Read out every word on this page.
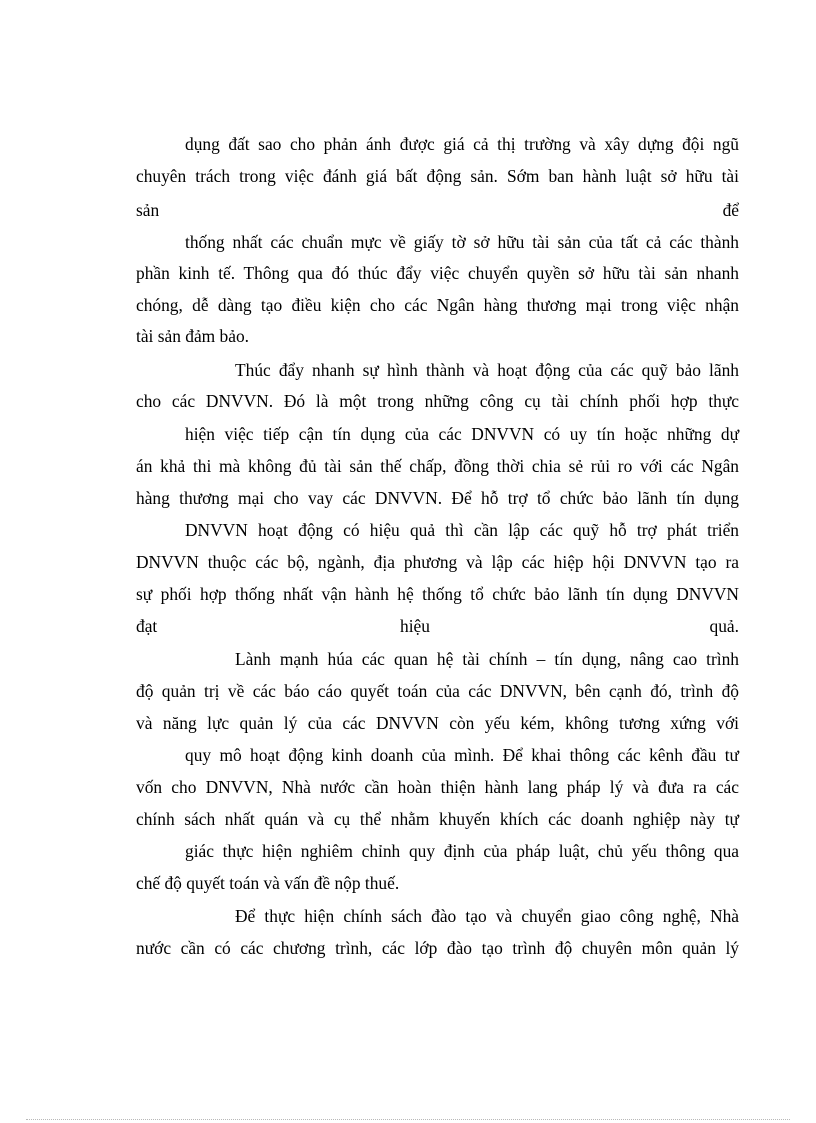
dụng đất sao cho phản ánh được giá cả thị trường và xây dựng đội ngũ
chuyên trách trong việc đánh giá bất động sản. Sớm ban hành luật sở hữu tài
sản	để
thống nhất các chuẩn mực về giấy tờ sở hữu tài sản của tất cả các thành
phần kinh tế. Thông qua đó thúc đẩy việc chuyển quyền sở hữu tài sản nhanh
chóng, dễ dàng tạo điều kiện cho các Ngân hàng thương mại trong việc nhận
tài sản đảm bảo.
Thúc đẩy nhanh sự hình thành và hoạt động của các quỹ bảo lãnh
cho các DNVVN. Đó là một trong những công cụ tài chính phối hợp thực
hiện việc tiếp cận tín dụng của các DNVVN có uy tín hoặc những dự
án khả thi mà không đủ tài sản thế chấp, đồng thời chia sẻ rủi ro với các Ngân
hàng thương mại cho vay các DNVVN. Để hỗ trợ tổ chức bảo lãnh tín dụng
DNVVN hoạt động có hiệu quả thì cần lập các quỹ hỗ trợ phát triển
DNVVN thuộc các bộ, ngành, địa phương và lập các hiệp hội DNVVN tạo ra
sự phối hợp thống nhất vận hành hệ thống tổ chức bảo lãnh tín dụng DNVVN
đạt	hiệu	quả.
Lành mạnh húa các quan hệ tài chính – tín dụng, nâng cao trình
độ quản trị về các báo cáo quyết toán của các DNVVN, bên cạnh đó, trình độ
và năng lực quản lý của các DNVVN còn yếu kém, không tương xứng với
quy mô hoạt động kinh doanh của mình. Để khai thông các kênh đầu tư
vốn cho DNVVN, Nhà nước cần hoàn thiện hành lang pháp lý và đưa ra các
chính sách nhất quán và cụ thể nhằm khuyến khích các doanh nghiệp này tự
giác thực hiện nghiêm chỉnh quy định của pháp luật, chủ yếu thông qua
chế độ quyết toán và vấn đề nộp thuế.
Để thực hiện chính sách đào tạo và chuyển giao công nghệ, Nhà
nước cần có các chương trình, các lớp đào tạo trình độ chuyên môn quản lý
